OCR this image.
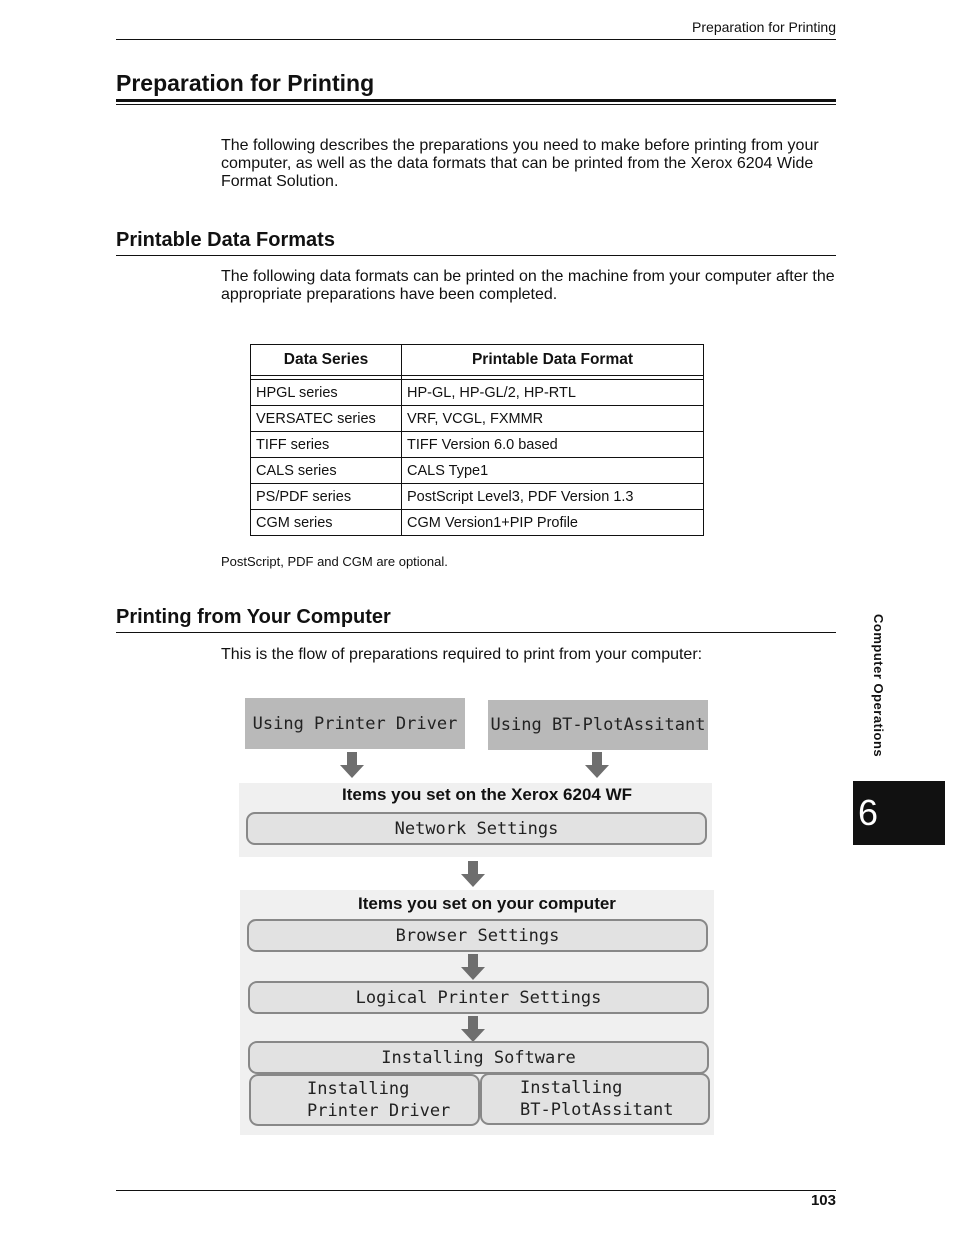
Preparation for Printing
Preparation for Printing
The following describes the preparations you need to make before printing from your computer, as well as the data formats that can be printed from the Xerox 6204 Wide Format Solution.
Printable Data Formats
The following data formats can be printed on the machine from your computer after the appropriate preparations have been completed.
Data Series	Printable Data Format

HPGL series	HP-GL, HP-GL/2, HP-RTL
VERSATEC series	VRF, VCGL, FXMMR
TIFF series	TIFF Version 6.0 based
CALS series	CALS Type1
PS/PDF series	PostScript Level3, PDF Version 1.3
CGM series	CGM Version1+PIP Profile
PostScript, PDF and CGM are optional.
Printing from Your Computer
This is the flow of preparations required to print from your computer:
Using Printer Driver	Using BT-PlotAssitant
Items you set on the Xerox 6204 WF
Network Settings
Items you set on your computer
Browser Settings
Logical Printer Settings
Installing Software
Installing
Printer Driver
Installing
BT-PlotAssitant
Computer Operations
6
103
